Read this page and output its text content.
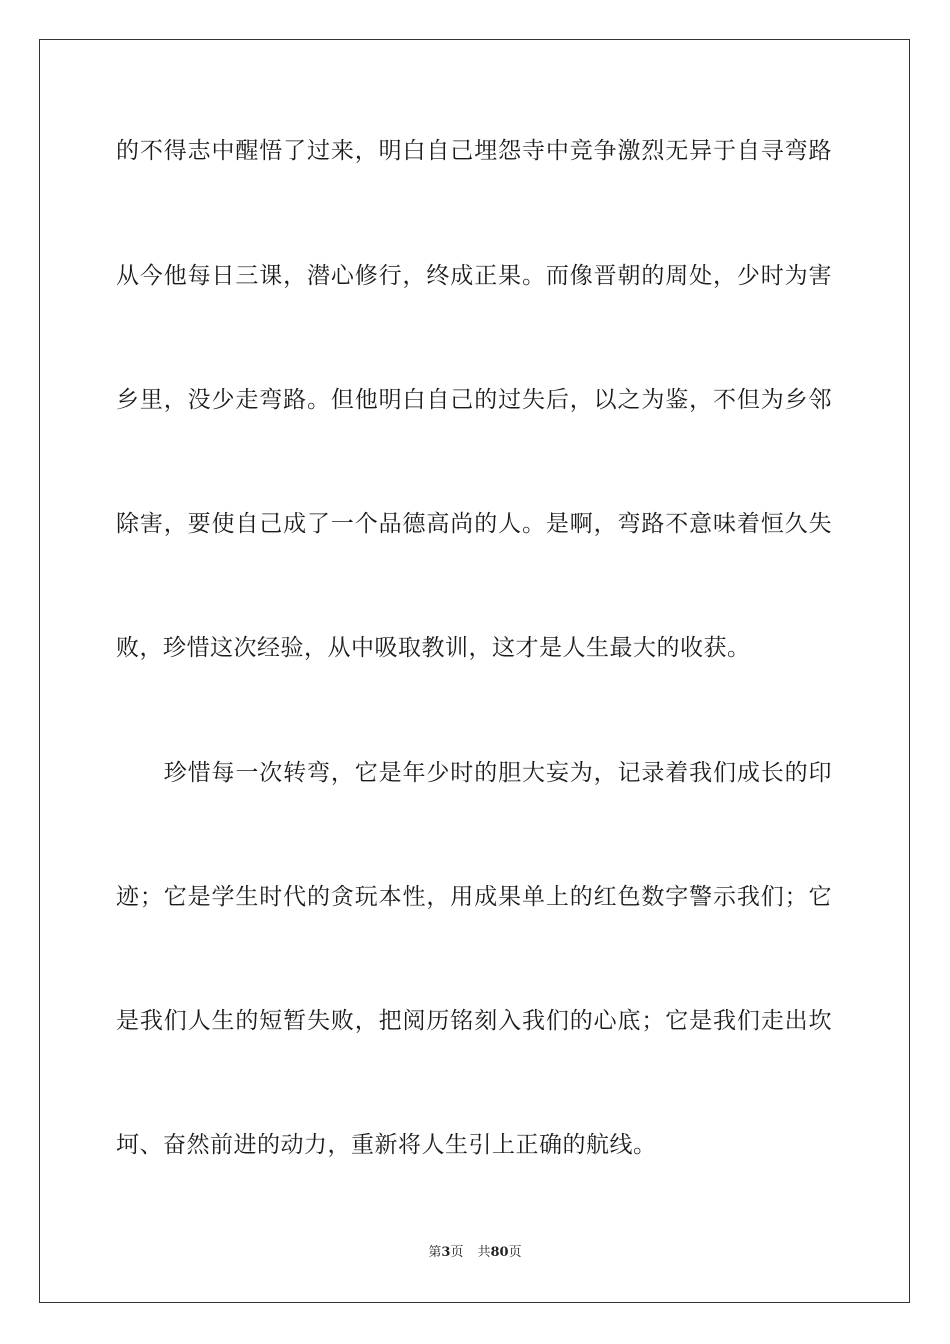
的不得志中醒悟了过来，明白自己埋怨寺中竞争激烈无异于自寻弯路
从今他每日三课，潜心修行，终成正果。而像晋朝的周处，少时为害
乡里，没少走弯路。但他明白自己的过失后，以之为鉴，不但为乡邻
除害，要使自己成了一个品德高尚的人。是啊，弯路不意味着恒久失
败，珍惜这次经验，从中吸取教训，这才是人生最大的收获。
　　珍惜每一次转弯，它是年少时的胆大妄为，记录着我们成长的印
迹；它是学生时代的贪玩本性，用成果单上的红色数字警示我们；它
是我们人生的短暂失败，把阅历铭刻入我们的心底；它是我们走出坎
坷、奋然前进的动力，重新将人生引上正确的航线。
第3页 共80页
